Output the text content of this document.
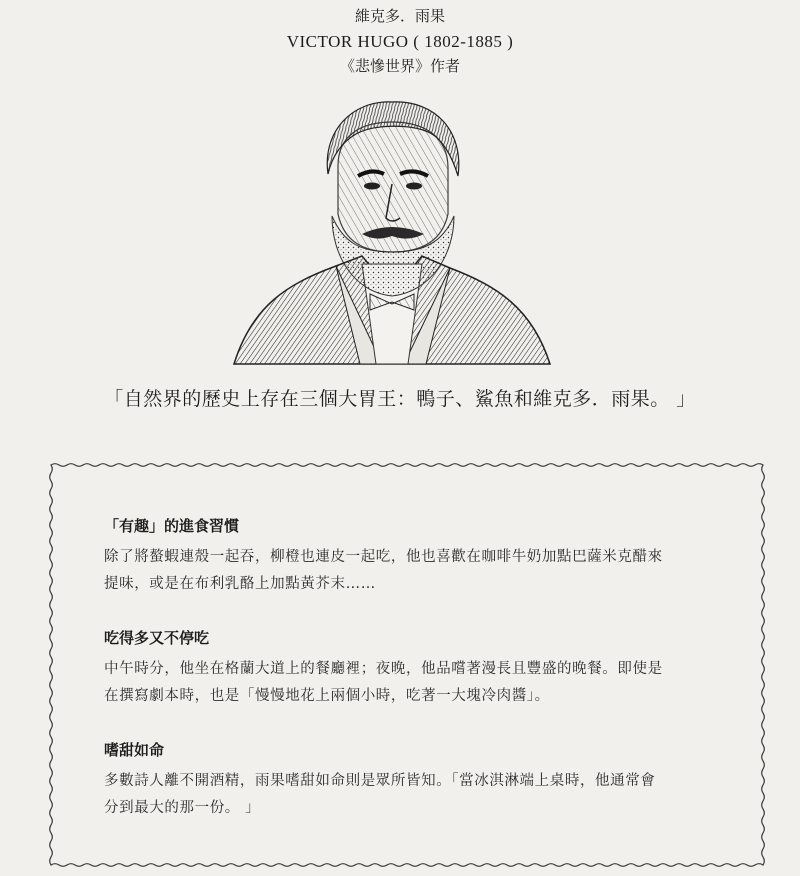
維克多．雨果
VICTOR HUGO ( 1802-1885 )
《悲慘世界》作者
「自然界的歷史上存在三個大胃王：鴨子、鯊魚和維克多．雨果。 」
「有趣」的進食習慣

除了將螯蝦連殼一起吞，柳橙也連皮一起吃，他也喜歡在咖啡牛奶加點巴薩米克醋來
提味，或是在布利乳酪上加點黃芥末……

吃得多又不停吃

中午時分，他坐在格蘭大道上的餐廳裡；夜晚，他品嚐著漫長且豐盛的晚餐。即使是
在撰寫劇本時，也是「慢慢地花上兩個小時，吃著一大塊冷肉醬」。

嗜甜如命

多數詩人離不開酒精，雨果嗜甜如命則是眾所皆知。「當冰淇淋端上桌時，他通常會
分到最大的那一份。 」
